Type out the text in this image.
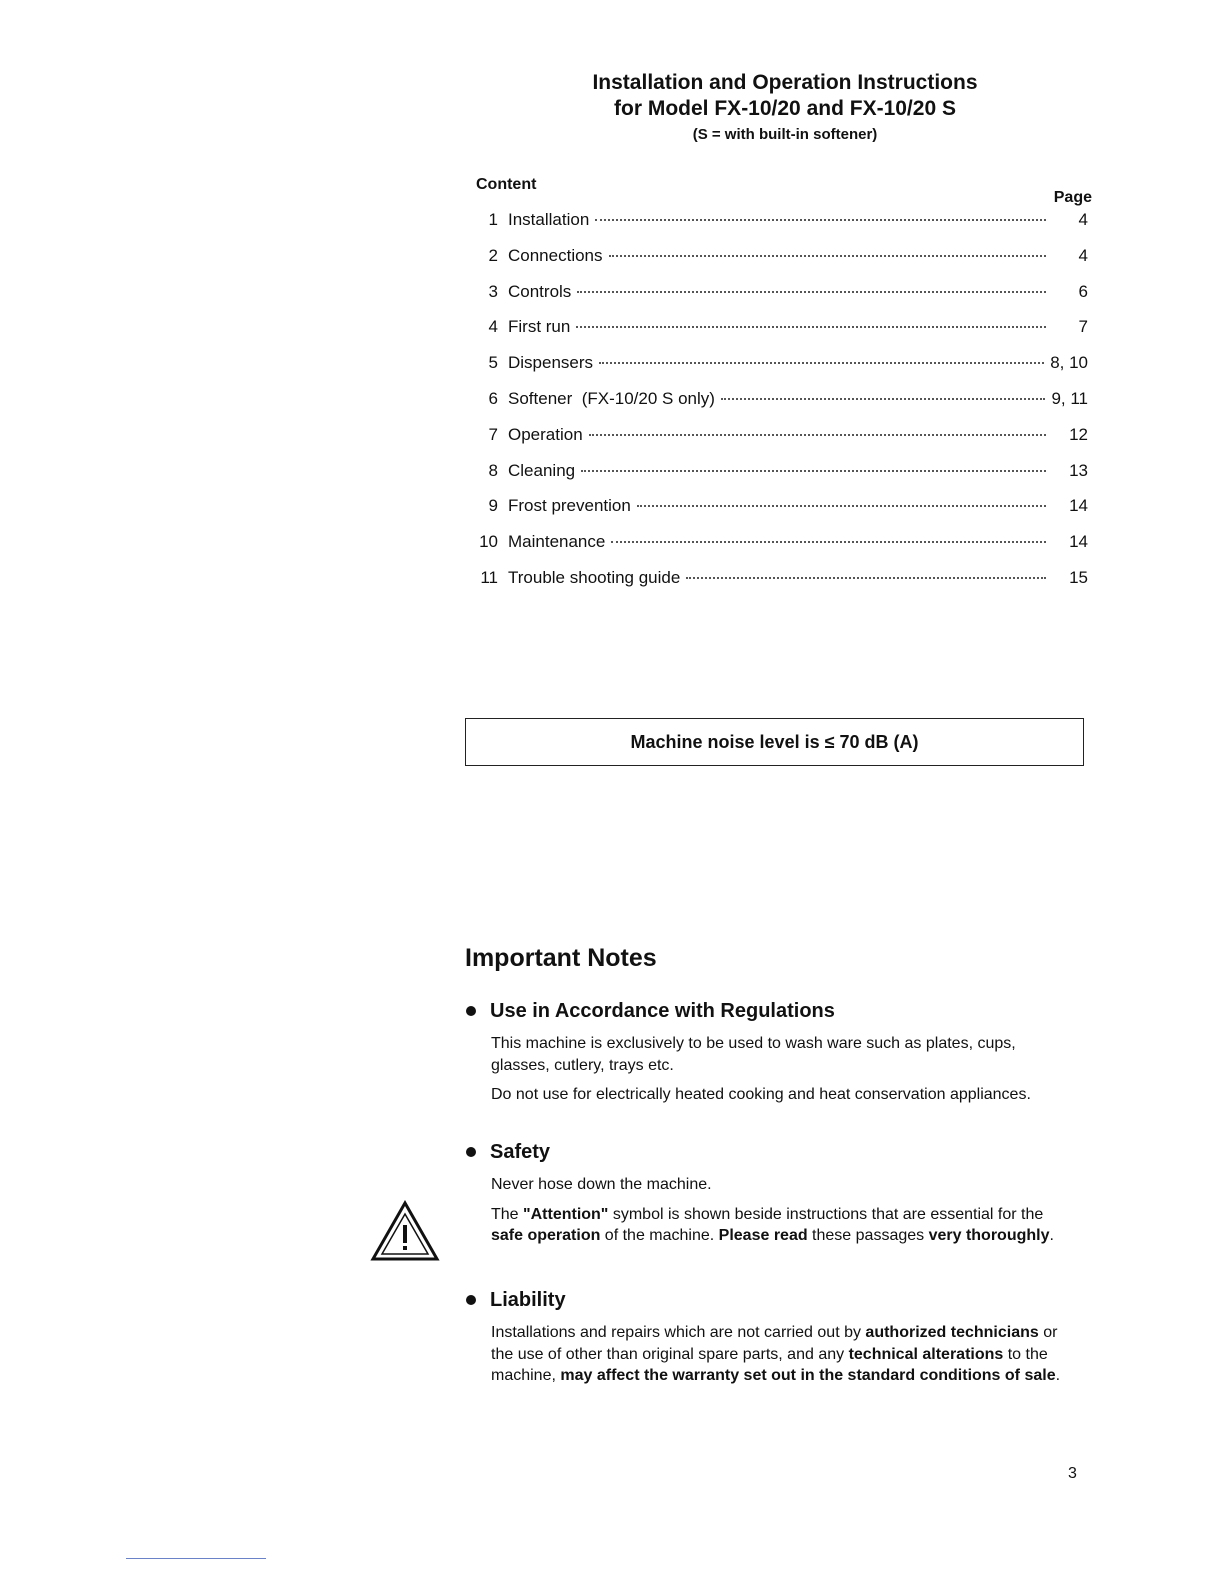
Installation and Operation Instructions
for Model FX-10/20 and FX-10/20 S
(S = with built-in softener)
Content
Page
1 Installation	4
2 Connections	4
3 Controls	6
4 First run	7
5 Dispensers	8, 10
6 Softener  (FX-10/20 S only)	9, 11
7 Operation	12
8 Cleaning	13
9 Frost prevention	14
10 Maintenance	14
11 Trouble shooting guide	15
Machine noise level is ≤ 70 dB (A)
Important Notes
Use in Accordance with Regulations

This machine is exclusively to be used to wash ware such as plates, cups, glasses, cutlery, trays etc.

Do not use for electrically heated cooking and heat conservation appliances.

Safety

Never hose down the machine.

The "Attention" symbol is shown beside instructions that are essential for the safe operation of the machine. Please read these passages very thoroughly.

Liability

Installations and repairs which are not carried out by authorized technicians or the use of other than original spare parts, and any technical alterations to the machine, may affect the warranty set out in the standard conditions of sale.

3
